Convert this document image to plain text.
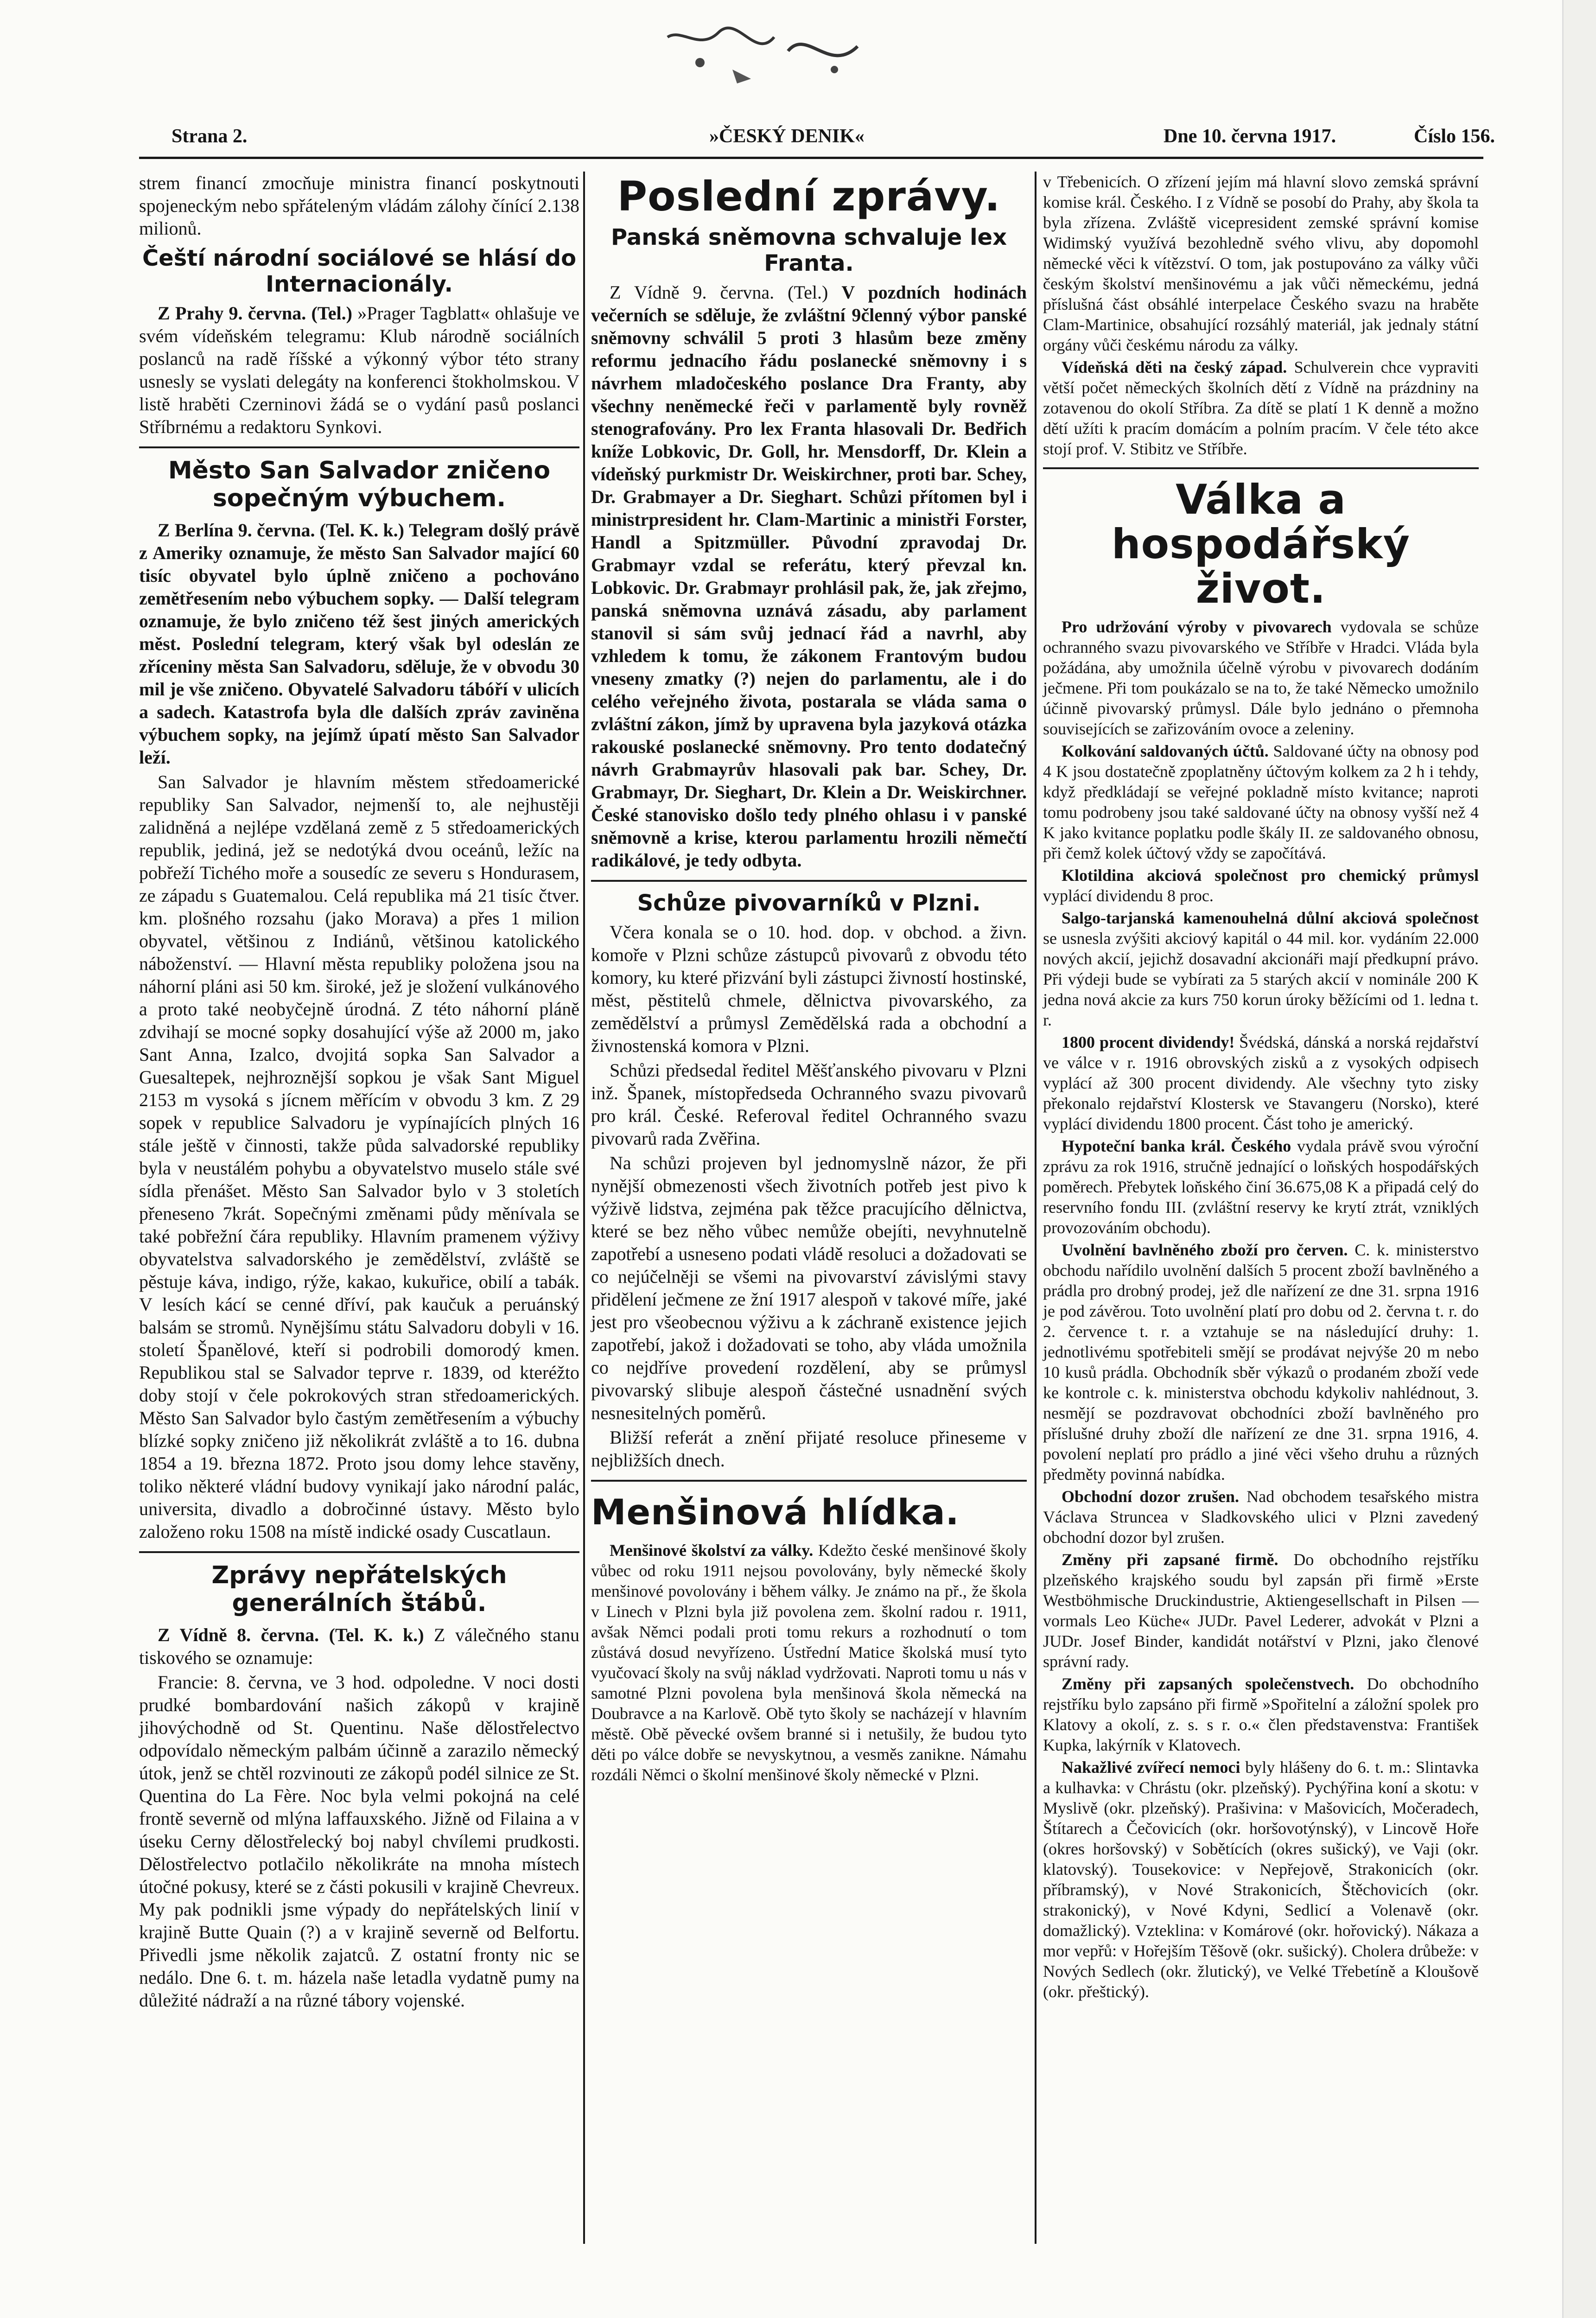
Strana 2.	»ČESKÝ DENIK«	Dne 10. června 1917.	Číslo 156.

strem financí zmocňuje ministra financí poskytnouti spojeneckým nebo spřáteleným vládám zálohy čínící 2.138 milionů.

Čeští národní sociálové se hlásí do Internacionály.

Z Prahy 9. června. (Tel.) »Prager Tagblatt« ohlašuje ve svém vídeňském telegramu: Klub národně sociálních poslanců na radě říšské a výkonný výbor této strany usnesly se vyslati delegáty na konferenci štokholmskou. V listě hraběti Czerninovi žádá se o vydání pasů poslanci Stříbrnému a redaktoru Synkovi.

Město San Salvador zničeno sopečným výbuchem.

Z Berlína 9. června. (Tel. K. k.) Telegram došlý právě z Ameriky oznamuje, že město San Salvador mající 60 tisíc obyvatel bylo úplně zničeno a pochováno zemětřesením nebo výbuchem sopky. — Další telegram oznamuje, že bylo zničeno též šest jiných amerických měst. Poslední telegram, který však byl odeslán ze zříceniny města San Salvadoru, sděluje, že v obvodu 30 mil je vše zničeno. Obyvatelé Salvadoru tábóří v ulicích a sadech. Katastrofa byla dle dalších zpráv zaviněna výbuchem sopky, na jejímž úpatí město San Salvador leží.

San Salvador je hlavním městem středoamerické republiky San Salvador, nejmenší to, ale nejhustěji zalidněná a nejlépe vzdělaná země z 5 středoamerických republik, jediná, jež se nedotýká dvou oceánů, ležíc na pobřeží Tichého moře a sousedíc ze severu s Hondurasem, ze západu s Guatemalou. Celá republika má 21 tisíc čtver. km. plošného rozsahu (jako Morava) a přes 1 milion obyvatel, většinou z Indiánů, většinou katolického náboženství. — Hlavní města republiky položena jsou na náhorní pláni asi 50 km. široké, jež je složení vulkánového a proto také neobyčejně úrodná. Z této náhorní pláně zdvihají se mocné sopky dosahující výše až 2000 m, jako Sant Anna, Izalco, dvojitá sopka San Salvador a Guesaltepek, nejhroznější sopkou je však Sant Miguel 2153 m vysoká s jícnem měřícím v obvodu 3 km. Z 29 sopek v republice Salvadoru je vypínajících plných 16 stále ještě v činnosti, takže půda salvadorské republiky byla v neustálém pohybu a obyvatelstvo muselo stále své sídla přenášet. Město San Salvador bylo v 3 stoletích přeneseno 7krát. Sopečnými změnami půdy měnívala se také pobřežní čára republiky. Hlavním pramenem výživy obyvatelstva salvadorského je zemědělství, zvláště se pěstuje káva, indigo, rýže, kakao, kukuřice, obilí a tabák. V lesích kácí se cenné dříví, pak kaučuk a peruánský balsám se stromů. Nynějšímu státu Salvadoru dobyli v 16. století Španělové, kteří si podrobili domorodý kmen. Republikou stal se Salvador teprve r. 1839, od kteréžto doby stojí v čele pokrokových stran středoamerických. Město San Salvador bylo častým zemětřesením a výbuchy blízké sopky zničeno již několikrát zvláště a to 16. dubna 1854 a 19. března 1872. Proto jsou domy lehce stavěny, toliko některé vládní budovy vynikají jako národní palác, universita, divadlo a dobročinné ústavy. Město bylo založeno roku 1508 na místě indické osady Cuscatlaun.

Zprávy nepřátelských generálních štábů.

Z Vídně 8. června. (Tel. K. k.) Z válečného stanu tiskového se oznamuje:

Francie: 8. června, ve 3 hod. odpoledne. V noci dosti prudké bombardování našich zákopů v krajině jihovýchodně od St. Quentinu. Naše dělostřelectvo odpovídalo německým palbám účinně a zarazilo německý útok, jenž se chtěl rozvinouti ze zákopů podél silnice ze St. Quentina do La Fère. Noc byla velmi pokojná na celé frontě severně od mlýna laffauxského. Jižně od Filaina a v úseku Cerny dělostřelecký boj nabyl chvílemi prudkosti. Dělostřelectvo potlačilo několikráte na mnoha místech útočné pokusy, které se z části pokusili v krajině Chevreux. My pak podnikli jsme výpady do nepřátelských linií v krajině Butte Quain (?) a v krajině severně od Belfortu. Přivedli jsme několik zajatců. Z ostatní fronty nic se nedálo. Dne 6. t. m. házela naše letadla vydatně pumy na důležité nádraží a na různé tábory vojenské.

Poslední zprávy.
Panská sněmovna schvaluje lex Franta.

Z Vídně 9. června. (Tel.) V pozdních hodinách večerních se sděluje, že zvláštní 9členný výbor panské sněmovny schválil 5 proti 3 hlasům beze změny reformu jednacího řádu poslanecké sněmovny i s návrhem mladočeského poslance Dra Franty, aby všechny neněmecké řeči v parlamentě byly rovněž stenografovány. Pro lex Franta hlasovali Dr. Bedřich kníže Lobkovic, Dr. Goll, hr. Mensdorff, Dr. Klein a vídeňský purkmistr Dr. Weiskirchner, proti bar. Schey, Dr. Grabmayer a Dr. Sieghart. Schůzi přítomen byl i ministrpresident hr. Clam-Martinic a ministři Forster, Handl a Spitzmüller. Původní zpravodaj Dr. Grabmayr vzdal se referátu, který převzal kn. Lobkovic. Dr. Grabmayr prohlásil pak, že, jak zřejmo, panská sněmovna uznává zásadu, aby parlament stanovil si sám svůj jednací řád a navrhl, aby vzhledem k tomu, že zákonem Frantovým budou vneseny zmatky (?) nejen do parlamentu, ale i do celého veřejného života, postarala se vláda sama o zvláštní zákon, jímž by upravena byla jazyková otázka rakouské poslanecké sněmovny. Pro tento dodatečný návrh Grabmayrův hlasovali pak bar. Schey, Dr. Grabmayr, Dr. Sieghart, Dr. Klein a Dr. Weiskirchner. České stanovisko došlo tedy plného ohlasu i v panské sněmovně a krise, kterou parlamentu hrozili němečtí radikálové, je tedy odbyta.

Schůze pivovarníků v Plzni.

Včera konala se o 10. hod. dop. v obchod. a živn. komoře v Plzni schůze zástupců pivovarů z obvodu této komory, ku které přizvání byli zástupci živností hostinské, měst, pěstitelů chmele, dělnictva pivovarského, za zemědělství a průmysl Zemědělská rada a obchodní a živnostenská komora v Plzni.

Schůzi předsedal ředitel Měšťanského pivovaru v Plzni inž. Španek, místopředseda Ochranného svazu pivovarů pro král. České. Referoval ředitel Ochranného svazu pivovarů rada Zvěřina.

Na schůzi projeven byl jednomyslně názor, že při nynější obmezenosti všech životních potřeb jest pivo k výživě lidstva, zejména pak těžce pracujícího dělnictva, které se bez něho vůbec nemůže obejíti, nevyhnutelně zapotřebí a usneseno podati vládě resoluci a dožadovati se co nejúčelněji se všemi na pivovarství závislými stavy přidělení ječmene ze žní 1917 alespoň v takové míře, jaké jest pro všeobecnou výživu a k záchraně existence jejich zapotřebí, jakož i dožadovati se toho, aby vláda umožnila co nejdříve provedení rozdělení, aby se průmysl pivovarský slibuje alespoň částečné usnadnění svých nesnesitelných poměrů.

Bližší referát a znění přijaté resoluce přineseme v nejbližších dnech.

Menšinová hlídka.

Menšinové školství za války. Kdežto české menšinové školy vůbec od roku 1911 nejsou povolovány, byly německé školy menšinové povolovány i během války. Je známo na př., že škola v Linech v Plzni byla již povolena zem. školní radou r. 1911, avšak Němci podali proti tomu rekurs a rozhodnutí o tom zůstává dosud nevyřízeno. Ústřední Matice školská musí tyto vyučovací školy na svůj náklad vydržovati. Naproti tomu u nás v samotné Plzni povolena byla menšinová škola německá na Doubravce a na Karlově. Obě tyto školy se nacházejí v hlavním městě. Obě pěvecké ovšem branné si i netušily, že budou tyto děti po válce dobře se nevyskytnou, a vesměs zanikne. Námahu rozdáli Němci o školní menšinové školy německé v Plzni.

v Třebenicích. O zřízení jejím má hlavní slovo zemská správní komise král. Českého. I z Vídně se posobí do Prahy, aby škola ta byla zřízena. Zvláště vicepresident zemské správní komise Widimský využívá bezohledně svého vlivu, aby dopomohl německé věci k vítězství. O tom, jak postupováno za války vůči českým školství menšinovému a jak vůči německému, jedná příslušná část obsáhlé interpelace Českého svazu na hraběte Clam-Martinice, obsahující rozsáhlý materiál, jak jednaly státní orgány vůči českému národu za války.

Vídeňská děti na český západ. Schulverein chce vypraviti větší počet německých školních dětí z Vídně na prázdniny na zotavenou do okolí Stříbra. Za dítě se platí 1 K denně a možno dětí užíti k pracím domácím a polním pracím. V čele této akce stojí prof. V. Stibitz ve Stříbře.

Válka a hospodářský život.

Pro udržování výroby v pivovarech vydovala se schůze ochranného svazu pivovarského ve Stříbře v Hradci. Vláda byla požádána, aby umožnila účelně výrobu v pivovarech dodáním ječmene. Při tom poukázalo se na to, že také Německo umožnilo účinně pivovarský průmysl. Dále bylo jednáno o přemnoha souvisejících se zařizováním ovoce a zeleniny.

Kolkování saldovaných účtů. Saldované účty na obnosy pod 4 K jsou dostatečně zpoplatněny účtovým kolkem za 2 h i tehdy, když předkládají se veřejné pokladně místo kvitance; naproti tomu podrobeny jsou také saldované účty na obnosy vyšší než 4 K jako kvitance poplatku podle škály II. ze saldovaného obnosu, při čemž kolek účtový vždy se započítává.

Klotildina akciová společnost pro chemický průmysl vyplácí dividendu 8 proc.

Salgo-tarjanská kamenouhelná důlní akciová společnost se usnesla zvýšiti akciový kapitál o 44 mil. kor. vydáním 22.000 nových akcií, jejichž dosavadní akcionáři mají předkupní právo. Při výdeji bude se vybírati za 5 starých akcií v nominále 200 K jedna nová akcie za kurs 750 korun úroky běžícími od 1. ledna t. r.

1800 procent dividendy! Švédská, dánská a norská rejdařství ve válce v r. 1916 obrovských zisků a z vysokých odpisech vyplácí až 300 procent dividendy. Ale všechny tyto zisky překonalo rejdařství Klostersk ve Stavangeru (Norsko), které vyplácí dividendu 1800 procent. Část toho je americký.

Hypoteční banka král. Českého vydala právě svou výroční zprávu za rok 1916, stručně jednající o loňských hospodářských poměrech. Přebytek loňského činí 36.675,08 K a připadá celý do reservního fondu III. (zvláštní reservy ke krytí ztrát, vzniklých provozováním obchodu).

Uvolnění bavlněného zboží pro červen. C. k. ministerstvo obchodu nařídilo uvolnění dalších 5 procent zboží bavlněného a prádla pro drobný prodej, jež dle nařízení ze dne 31. srpna 1916 je pod závěrou. Toto uvolnění platí pro dobu od 2. června t. r. do 2. července t. r. a vztahuje se na následující druhy: 1. jednotlivému spotřebiteli smějí se prodávat nejvýše 20 m nebo 10 kusů prádla. Obchodník sběr výkazů o prodaném zboží vede ke kontrole c. k. ministerstva obchodu kdykoliv nahlédnout, 3. nesmějí se pozdravovat obchodníci zboží bavlněného pro příslušné druhy zboží dle nařízení ze dne 31. srpna 1916, 4. povolení neplatí pro prádlo a jiné věci všeho druhu a různých předměty povinná nabídka.

Obchodní dozor zrušen. Nad obchodem tesařského mistra Václava Struncea v Sladkovského ulici v Plzni zavedený obchodní dozor byl zrušen.

Změny při zapsané firmě. Do obchodního rejstříku plzeňského krajského soudu byl zapsán při firmě »Erste Westböhmische Druckindustrie, Aktiengesellschaft in Pilsen — vormals Leo Küche« JUDr. Pavel Lederer, advokát v Plzni a JUDr. Josef Binder, kandidát notářství v Plzni, jako členové správní rady.

Změny při zapsaných společenstvech. Do obchodního rejstříku bylo zapsáno při firmě »Spořitelní a záložní spolek pro Klatovy a okolí, z. s. s r. o.« člen představenstva: František Kupka, lakýrník v Klatovech.

Nakažlivé zvířecí nemoci byly hlášeny do 6. t. m.: Slintavka a kulhavka: v Chrástu (okr. plzeňský). Pychýřina koní a skotu: v Myslivě (okr. plzeňský). Prašivina: v Mašovicích, Močeradech, Štítarech a Čečovicích (okr. horšovotýnský), v Lincově Hoře (okres horšovský) v Sobětících (okres sušický), ve Vaji (okr. klatovský). Tousekovice: v Nepřejově, Strakonicích (okr. příbramský), v Nové Strakonicích, Štěchovicích (okr. strakonický), v Nové Kdyni, Sedlicí a Volenavě (okr. domažlický). Vzteklina: v Komárové (okr. hořovický). Nákaza a mor vepřů: v Hořejším Těšově (okr. sušický). Cholera drůbeže: v Nových Sedlech (okr. žlutický), ve Velké Třebetíně a Kloušově (okr. přeštický).
